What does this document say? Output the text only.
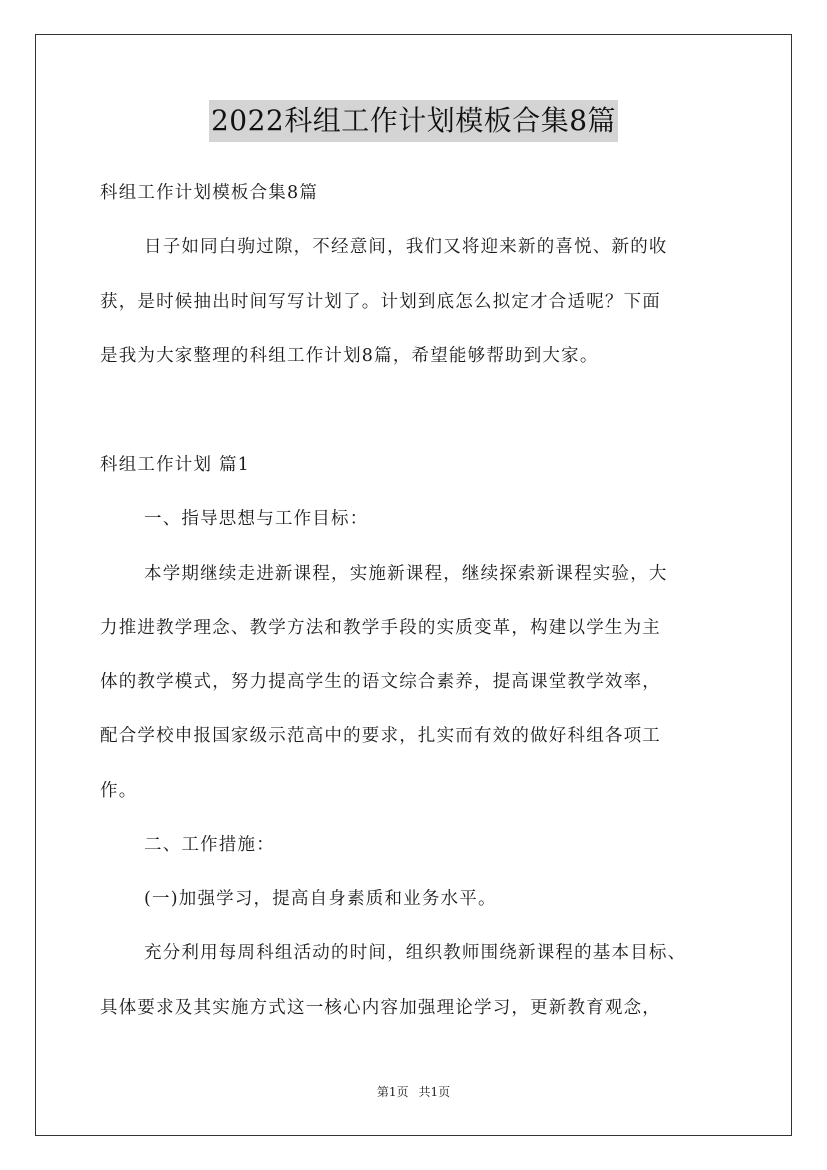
2022科组工作计划模板合集8篇
科组工作计划模板合集8篇
日子如同白驹过隙，不经意间，我们又将迎来新的喜悦、新的收
获，是时候抽出时间写写计划了。计划到底怎么拟定才合适呢？下面
是我为大家整理的科组工作计划8篇，希望能够帮助到大家。
科组工作计划 篇1
一、指导思想与工作目标：
本学期继续走进新课程，实施新课程，继续探索新课程实验，大
力推进教学理念、教学方法和教学手段的实质变革，构建以学生为主
体的教学模式，努力提高学生的语文综合素养，提高课堂教学效率，
配合学校申报国家级示范高中的要求，扎实而有效的做好科组各项工
作。
二、工作措施：
(一)加强学习，提高自身素质和业务水平。
充分利用每周科组活动的时间，组织教师围绕新课程的基本目标、
具体要求及其实施方式这一核心内容加强理论学习，更新教育观念，
第1页 共1页
